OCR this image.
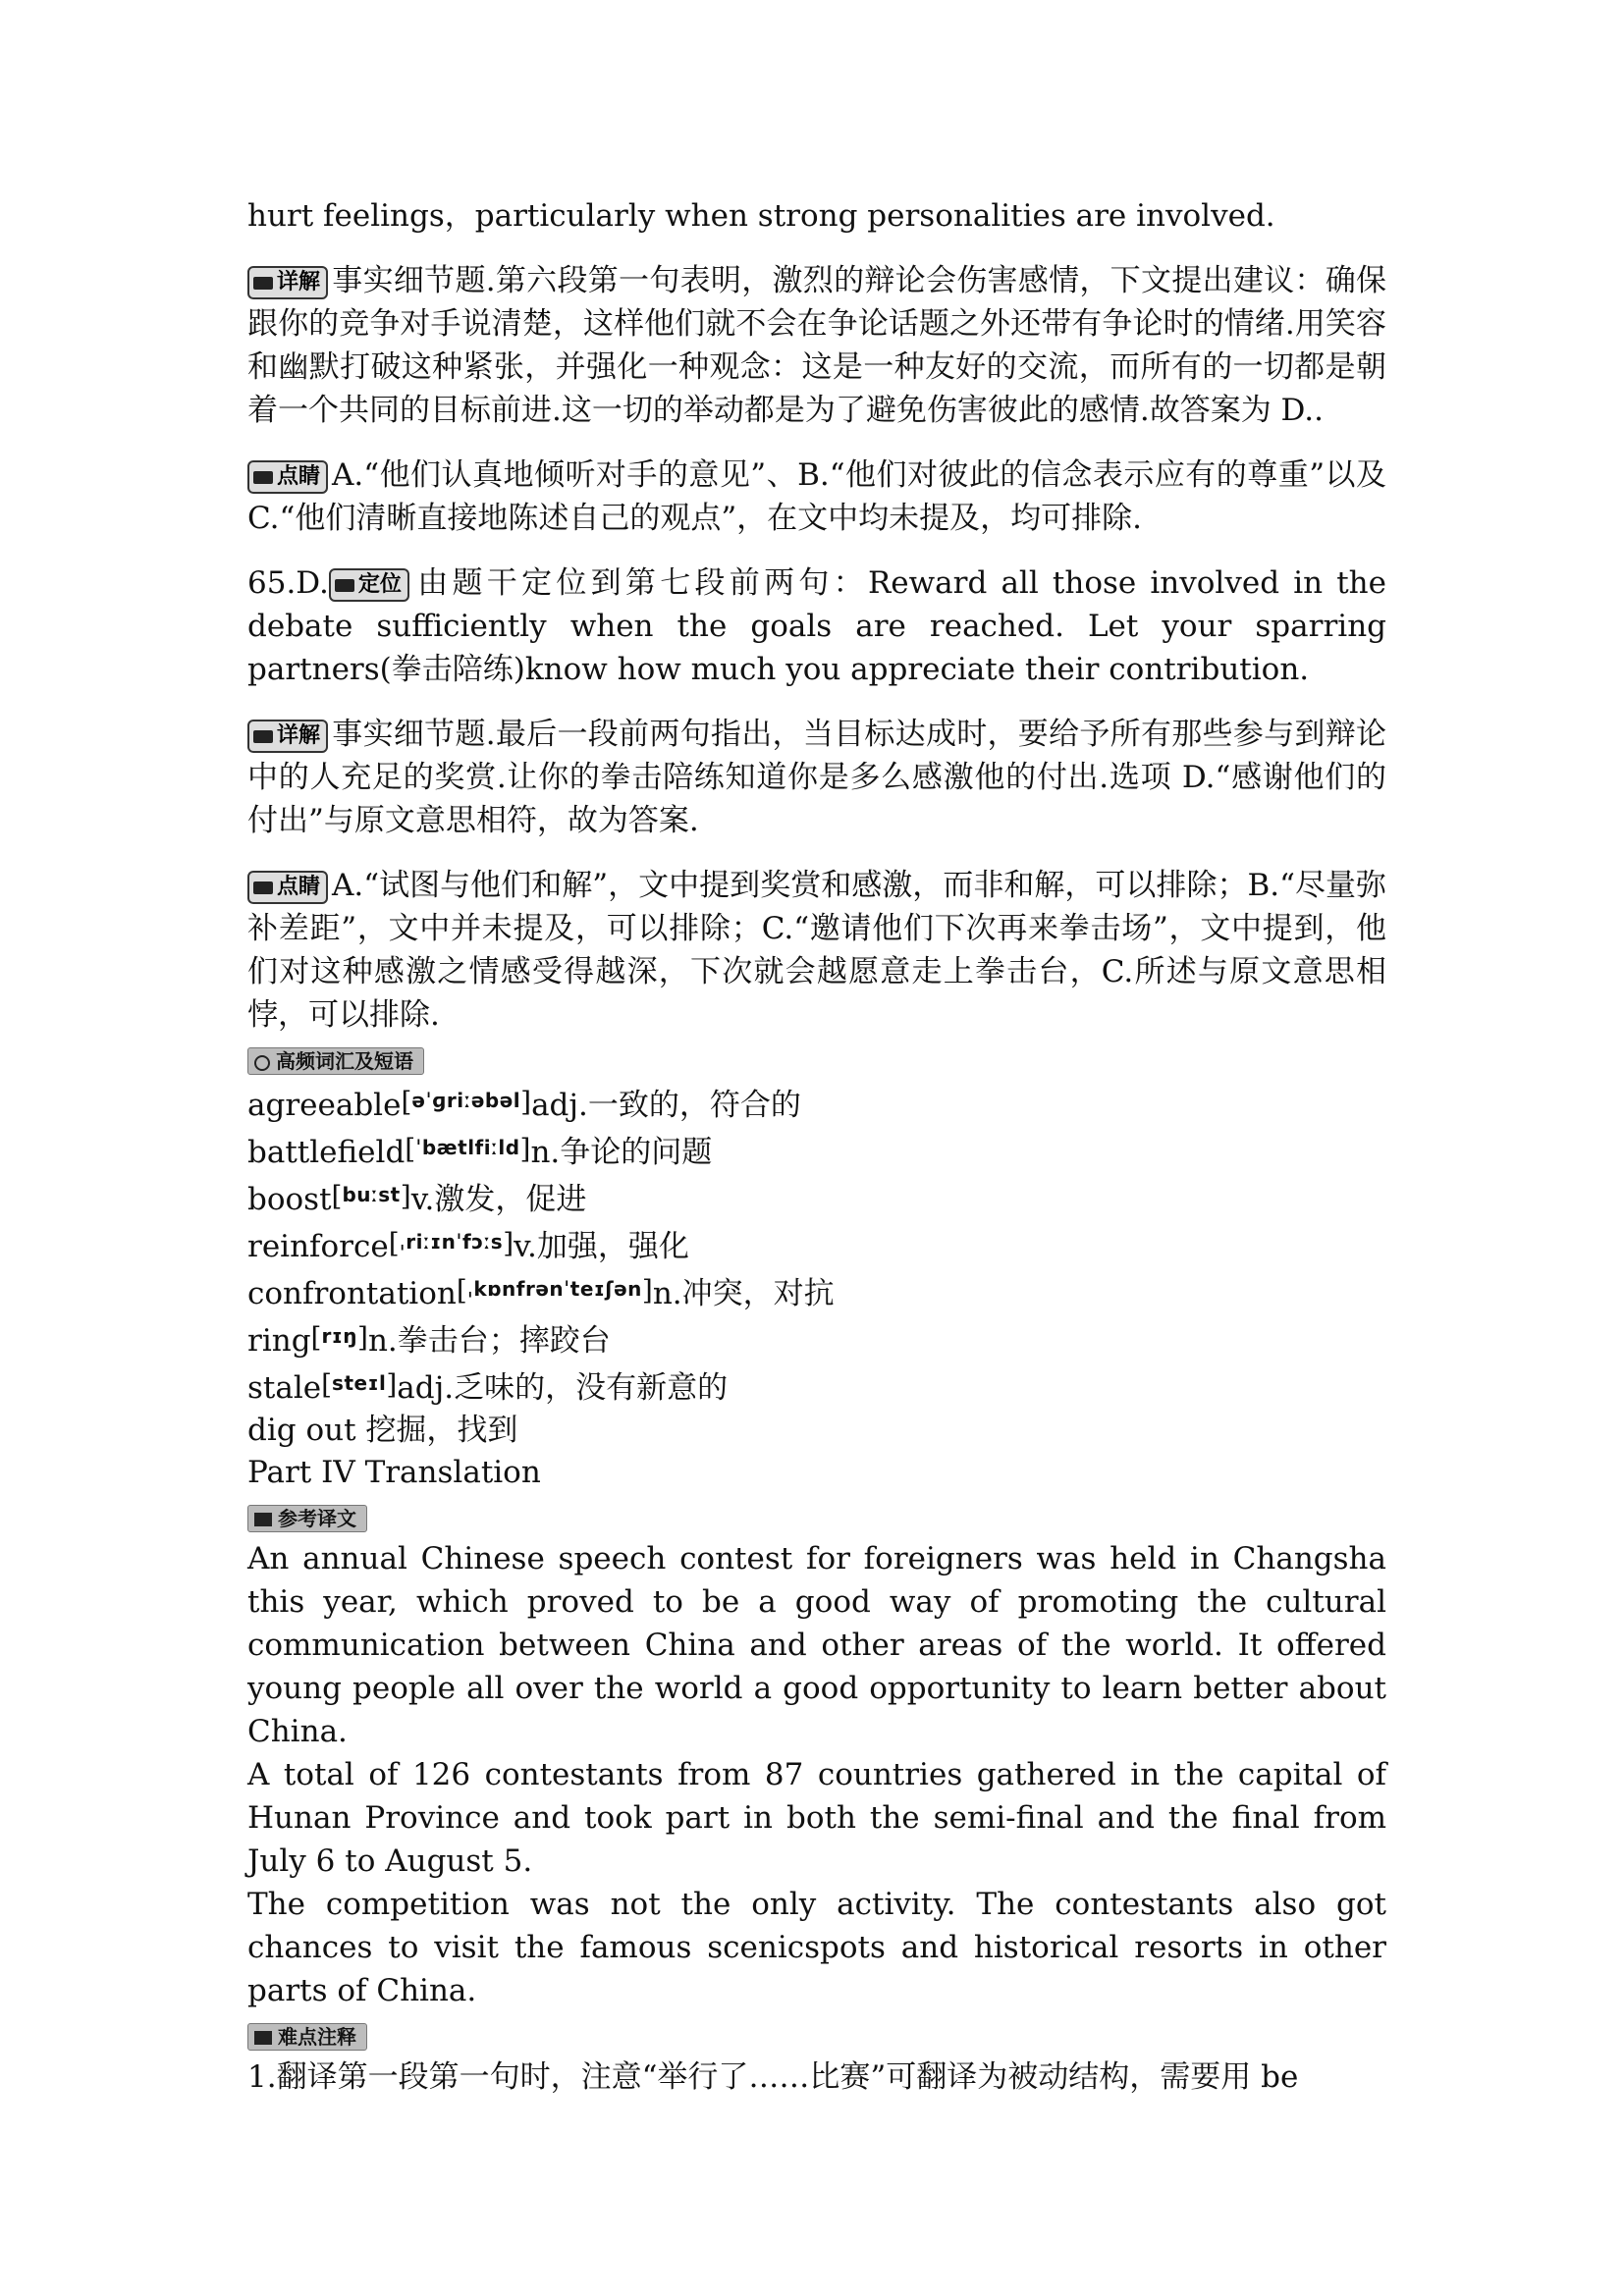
hurt feelings，particularly when strong personalities are involved.

详解 事实细节题.第六段第一句表明，激烈的辩论会伤害感情，下文提出建议：确保跟你的竞争对手说清楚，这样他们就不会在争论话题之外还带有争论时的情绪.用笑容和幽默打破这种紧张，并强化一种观念：这是一种友好的交流，而所有的一切都是朝着一个共同的目标前进.这一切的举动都是为了避免伤害彼此的感情.故答案为 D..

点睛 A.“他们认真地倾听对手的意见”、B.“他们对彼此的信念表示应有的尊重”以及 C.“他们清晰直接地陈述自己的观点”，在文中均未提及，均可排除.

65.D. 定位 由题干定位到第七段前两句：Reward all those involved in the debate sufficiently when the goals are reached. Let your sparring partners(拳击陪练)know how much you appreciate their contribution.

详解 事实细节题.最后一段前两句指出，当目标达成时，要给予所有那些参与到辩论中的人充足的奖赏.让你的拳击陪练知道你是多么感激他的付出.选项 D.“感谢他们的付出”与原文意思相符，故为答案.

点睛 A.“试图与他们和解”，文中提到奖赏和感激，而非和解，可以排除；B.“尽量弥补差距”，文中并未提及，可以排除；C.“邀请他们下次再来拳击场”，文中提到，他们对这种感激之情感受得越深，下次就会越愿意走上拳击台，C.所述与原文意思相悖，可以排除.

高频词汇及短语

agreeable[əˈɡriːəbəl]adj.一致的，符合的

battlefield[ˈbætlfiːld]n.争论的问题

boost[buːst]v.激发，促进

reinforce[ˌriːɪnˈfɔːs]v.加强，强化

confrontation[ˌkɒnfrənˈteɪʃən]n.冲突，对抗

ring[rɪŋ]n.拳击台；摔跤台

stale[steɪl]adj.乏味的，没有新意的

dig out 挖掘，找到

Part IV Translation

参考译文

An annual Chinese speech contest for foreigners was held in Changsha this year, which proved to be a good way of promoting the cultural communication between China and other areas of the world. It offered young people all over the world a good opportunity to learn better about China.

A total of 126 contestants from 87 countries gathered in the capital of Hunan Province and took part in both the semi-final and the final from July 6 to August 5.

The competition was not the only activity. The contestants also got chances to visit the famous scenicspots and historical resorts in other parts of China.

难点注释

1.翻译第一段第一句时，注意“举行了……比赛”可翻译为被动结构，需要用 be
